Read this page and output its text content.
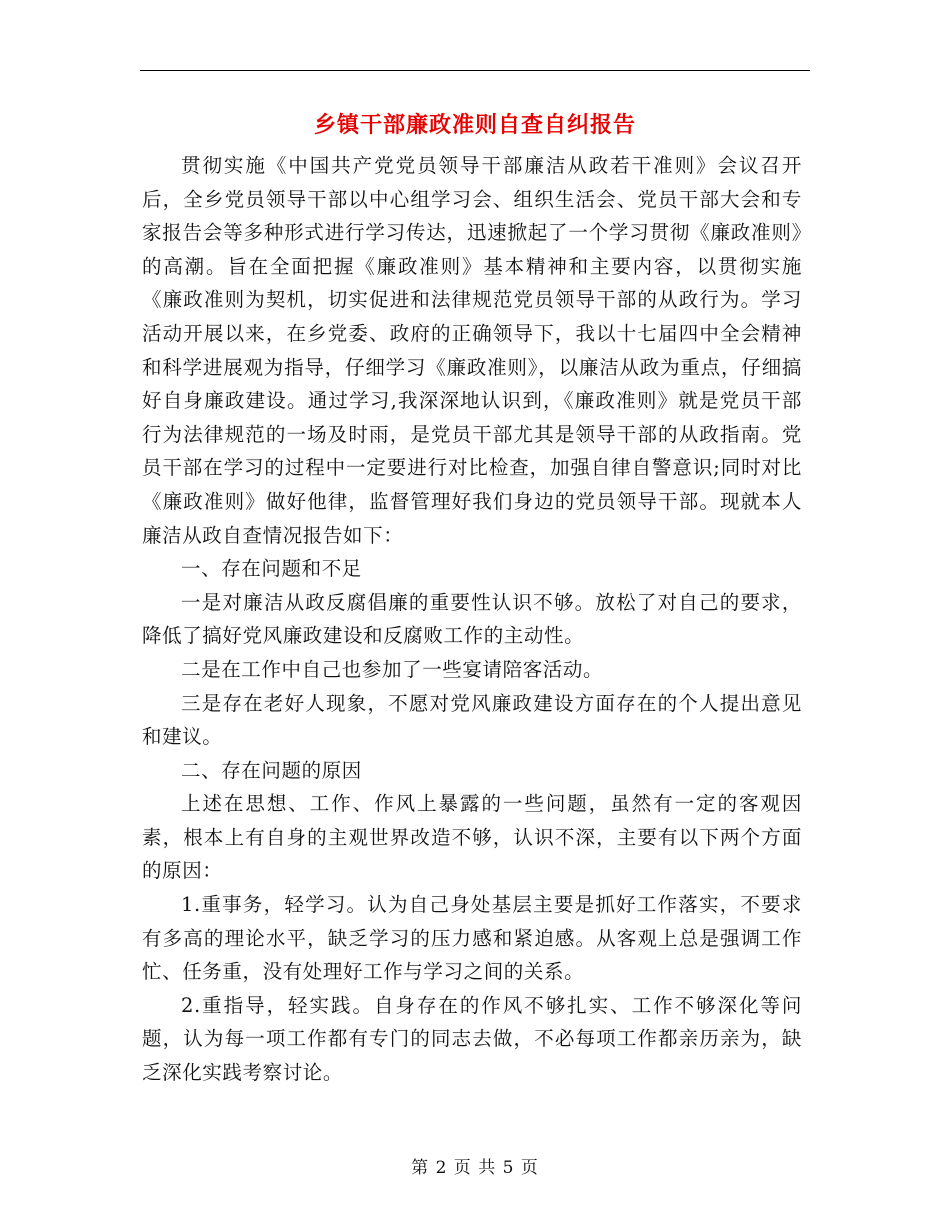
乡镇干部廉政准则自查自纠报告

贯彻实施《中国共产党党员领导干部廉洁从政若干准则》会议召开后，全乡党员领导干部以中心组学习会、组织生活会、党员干部大会和专家报告会等多种形式进行学习传达，迅速掀起了一个学习贯彻《廉政准则》的高潮。旨在全面把握《廉政准则》基本精神和主要内容，以贯彻实施《廉政准则为契机，切实促进和法律规范党员领导干部的从政行为。学习活动开展以来，在乡党委、政府的正确领导下，我以十七届四中全会精神和科学进展观为指导，仔细学习《廉政准则》，以廉洁从政为重点，仔细搞好自身廉政建设。通过学习,我深深地认识到，《廉政准则》就是党员干部行为法律规范的一场及时雨，是党员干部尤其是领导干部的从政指南。党员干部在学习的过程中一定要进行对比检查，加强自律自警意识;同时对比《廉政准则》做好他律，监督管理好我们身边的党员领导干部。现就本人廉洁从政自查情况报告如下：

一、存在问题和不足

一是对廉洁从政反腐倡廉的重要性认识不够。放松了对自己的要求，降低了搞好党风廉政建设和反腐败工作的主动性。

二是在工作中自己也参加了一些宴请陪客活动。

三是存在老好人现象，不愿对党风廉政建设方面存在的个人提出意见和建议。

二、存在问题的原因

上述在思想、工作、作风上暴露的一些问题，虽然有一定的客观因素，根本上有自身的主观世界改造不够，认识不深，主要有以下两个方面的原因：

1.重事务，轻学习。认为自己身处基层主要是抓好工作落实，不要求有多高的理论水平，缺乏学习的压力感和紧迫感。从客观上总是强调工作忙、任务重，没有处理好工作与学习之间的关系。

2.重指导，轻实践。自身存在的作风不够扎实、工作不够深化等问题，认为每一项工作都有专门的同志去做，不必每项工作都亲历亲为，缺乏深化实践考察讨论。

第 2 页 共 5 页
